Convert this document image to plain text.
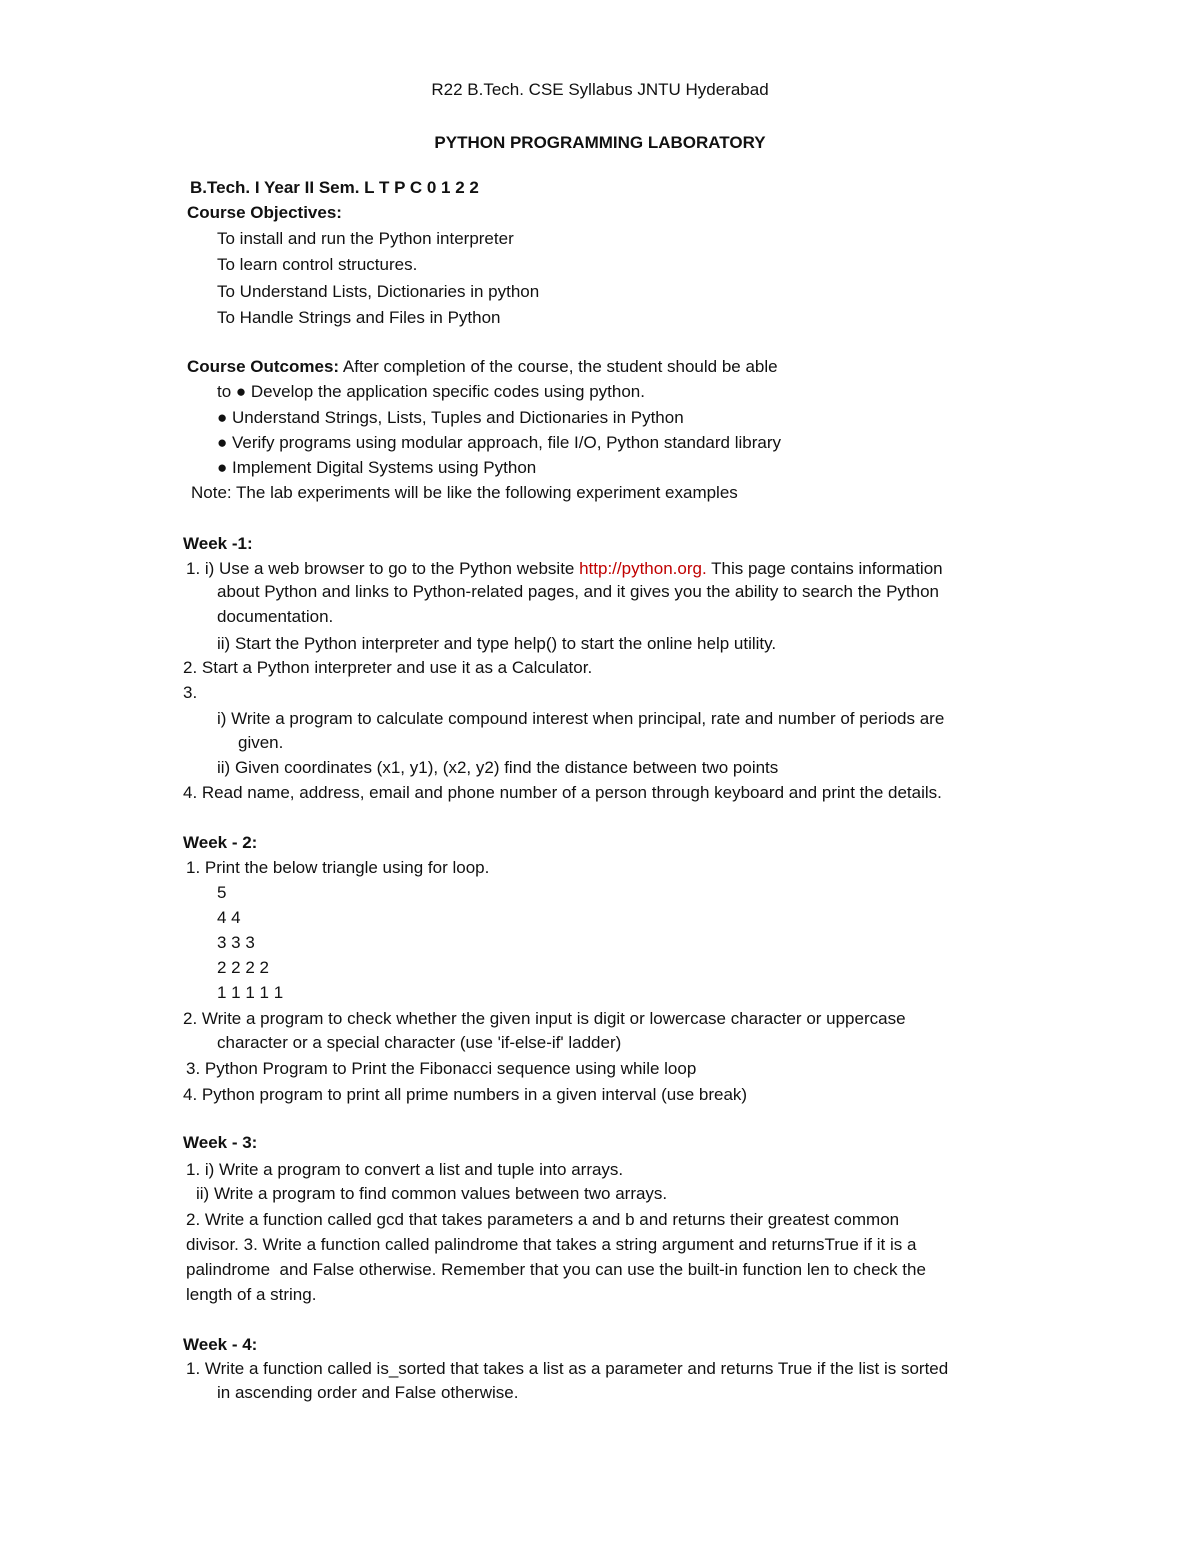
R22 B.Tech. CSE Syllabus JNTU Hyderabad
PYTHON PROGRAMMING LABORATORY
B.Tech. I Year II Sem. L T P C 0 1 2 2
Course Objectives:
To install and run the Python interpreter
To learn control structures.
To Understand Lists, Dictionaries in python
To Handle Strings and Files in Python
Course Outcomes: After completion of the course, the student should be able
to ● Develop the application specific codes using python.
● Understand Strings, Lists, Tuples and Dictionaries in Python
● Verify programs using modular approach, file I/O, Python standard library
● Implement Digital Systems using Python
Note: The lab experiments will be like the following experiment examples
Week -1:
1. i) Use a web browser to go to the Python website http://python.org. This page contains information
about Python and links to Python-related pages, and it gives you the ability to search the Python
documentation.
ii) Start the Python interpreter and type help() to start the online help utility.
2. Start a Python interpreter and use it as a Calculator.
3.
i) Write a program to calculate compound interest when principal, rate and number of periods are
given.
ii) Given coordinates (x1, y1), (x2, y2) find the distance between two points
4. Read name, address, email and phone number of a person through keyboard and print the details.
Week - 2:
1. Print the below triangle using for loop.
5
4 4
3 3 3
2 2 2 2
1 1 1 1 1
2. Write a program to check whether the given input is digit or lowercase character or uppercase
character or a special character (use 'if-else-if' ladder)
3. Python Program to Print the Fibonacci sequence using while loop
4. Python program to print all prime numbers in a given interval (use break)
Week - 3:
1. i) Write a program to convert a list and tuple into arrays.
ii) Write a program to find common values between two arrays.
2. Write a function called gcd that takes parameters a and b and returns their greatest common
divisor. 3. Write a function called palindrome that takes a string argument and returnsTrue if it is a
palindrome  and False otherwise. Remember that you can use the built-in function len to check the
length of a string.
Week - 4:
1. Write a function called is_sorted that takes a list as a parameter and returns True if the list is sorted
in ascending order and False otherwise.
